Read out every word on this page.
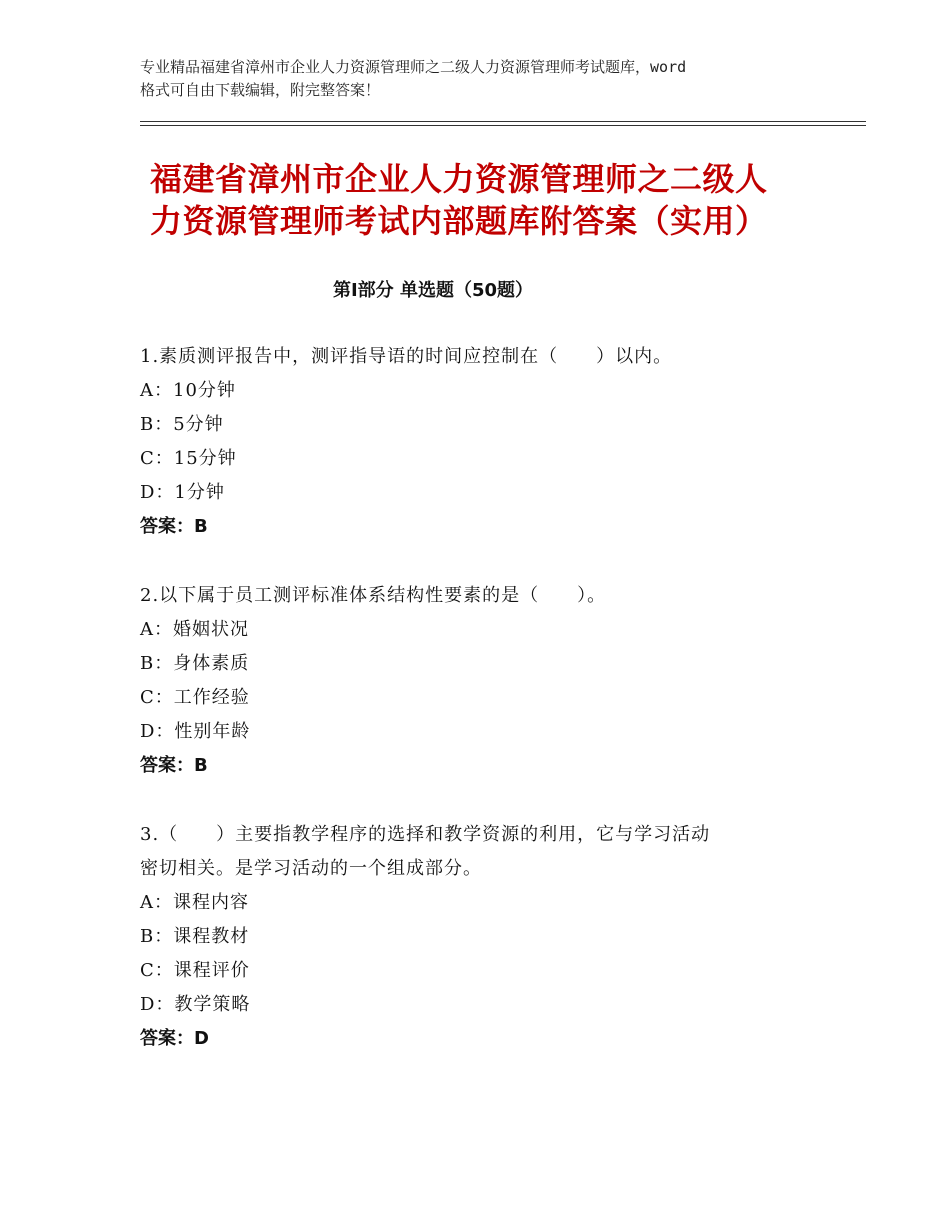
专业精品福建省漳州市企业人力资源管理师之二级人力资源管理师考试题库，word
格式可自由下载编辑，附完整答案！
福建省漳州市企业人力资源管理师之二级人
力资源管理师考试内部题库附答案（实用）
第Ⅰ部分 单选题（50题）
1.素质测评报告中，测评指导语的时间应控制在（　　）以内。
A：10分钟
B：5分钟
C：15分钟
D：1分钟
答案：B
2.以下属于员工测评标准体系结构性要素的是（　　）。
A：婚姻状况
B：身体素质
C：工作经验
D：性别年龄
答案：B
3.（　　）主要指教学程序的选择和教学资源的利用，它与学习活动
密切相关。是学习活动的一个组成部分。
A：课程内容
B：课程教材
C：课程评价
D：教学策略
答案：D
